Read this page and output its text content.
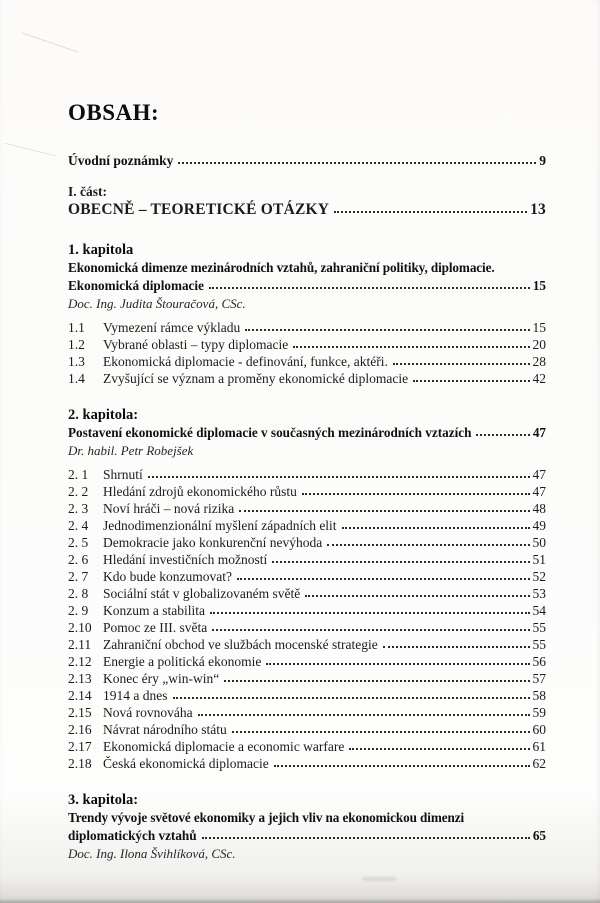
OBSAH:
Úvodní poznámky	9
I. část:
OBECNĚ – TEORETICKÉ OTÁZKY	13
1. kapitola
Ekonomická dimenze mezinárodních vztahů, zahraniční politiky, diplomacie.
Ekonomická diplomacie	15
Doc. Ing. Judita Štouračová, CSc.
1.1	Vymezení rámce výkladu	15
1.2	Vybrané oblasti – typy diplomacie	20
1.3	Ekonomická diplomacie - definování, funkce, aktéři.	28
1.4	Zvyšující se význam a proměny ekonomické diplomacie	42
2. kapitola:
Postavení ekonomické diplomacie v současných mezinárodních vztazích	47
Dr. habil. Petr Robejšek
2. 1	Shrnutí	47
2. 2	Hledání zdrojů ekonomického růstu	47
2. 3	Noví hráči – nová rizika	48
2. 4	Jednodimenzionální myšlení západních elit	49
2. 5	Demokracie jako konkurenční nevýhoda	50
2. 6	Hledání investičních možností	51
2. 7	Kdo bude konzumovat?	52
2. 8	Sociální stát v globalizovaném světě	53
2. 9	Konzum a stabilita	54
2.10 Pomoc ze III. světa	55
2.11 Zahraniční obchod ve službách mocenské strategie	55
2.12 Energie a politická ekonomie	56
2.13 Konec éry „win-win“	57
2.14 1914 a dnes	58
2.15 Nová rovnováha	59
2.16 Návrat národního státu	60
2.17 Ekonomická diplomacie a economic warfare	61
2.18 Česká ekonomická diplomacie	62
3. kapitola:
Trendy vývoje světové ekonomiky a jejich vliv na ekonomickou dimenzi
diplomatických vztahů	65
Doc. Ing. Ilona Švihlíková, CSc.
